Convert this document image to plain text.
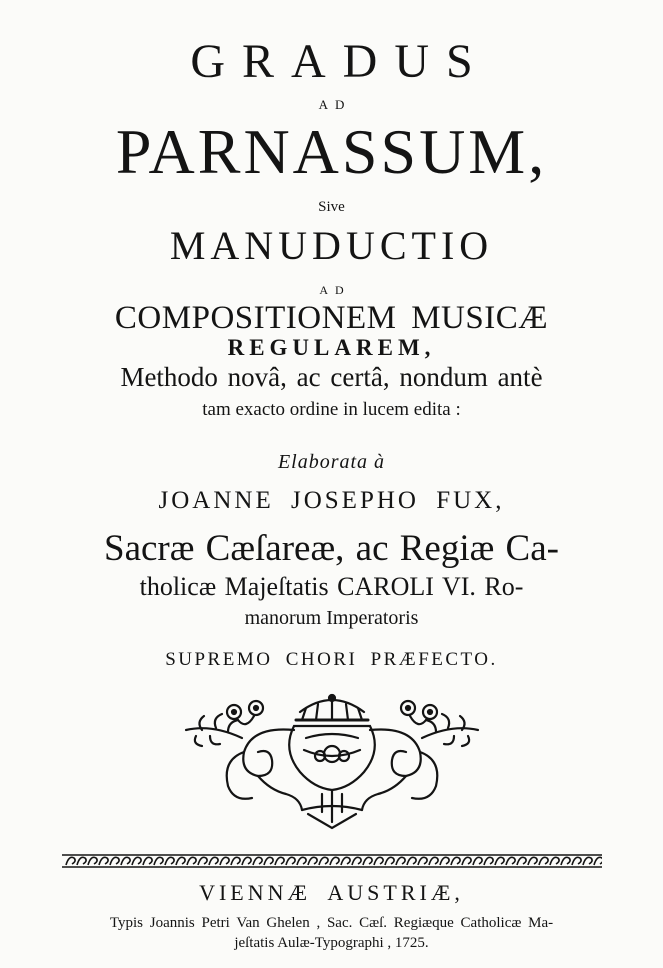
GRADUS
AD
PARNASSUM,
Sive
MANUDUCTIO
AD
COMPOSITIONEM MUSICÆ
REGULAREM,
Methodo novâ, ac certâ, nondum antè
tam exacto ordine in lucem edita :
Elaborata à
JOANNE JOSEPHO FUX,
Sacræ Cæſareæ, ac Regiæ Ca-
tholicæ Majeſtatis CAROLI VI. Ro-
manorum Imperatoris
SUPREMO CHORI PRÆFECTO.
VIENNÆ AUSTRIÆ,
Typis Joannis Petri Van Ghelen , Sac. Cæſ. Regiæque Catholicæ Ma-
jeſtatis Aulæ-Typographi , 1725.
